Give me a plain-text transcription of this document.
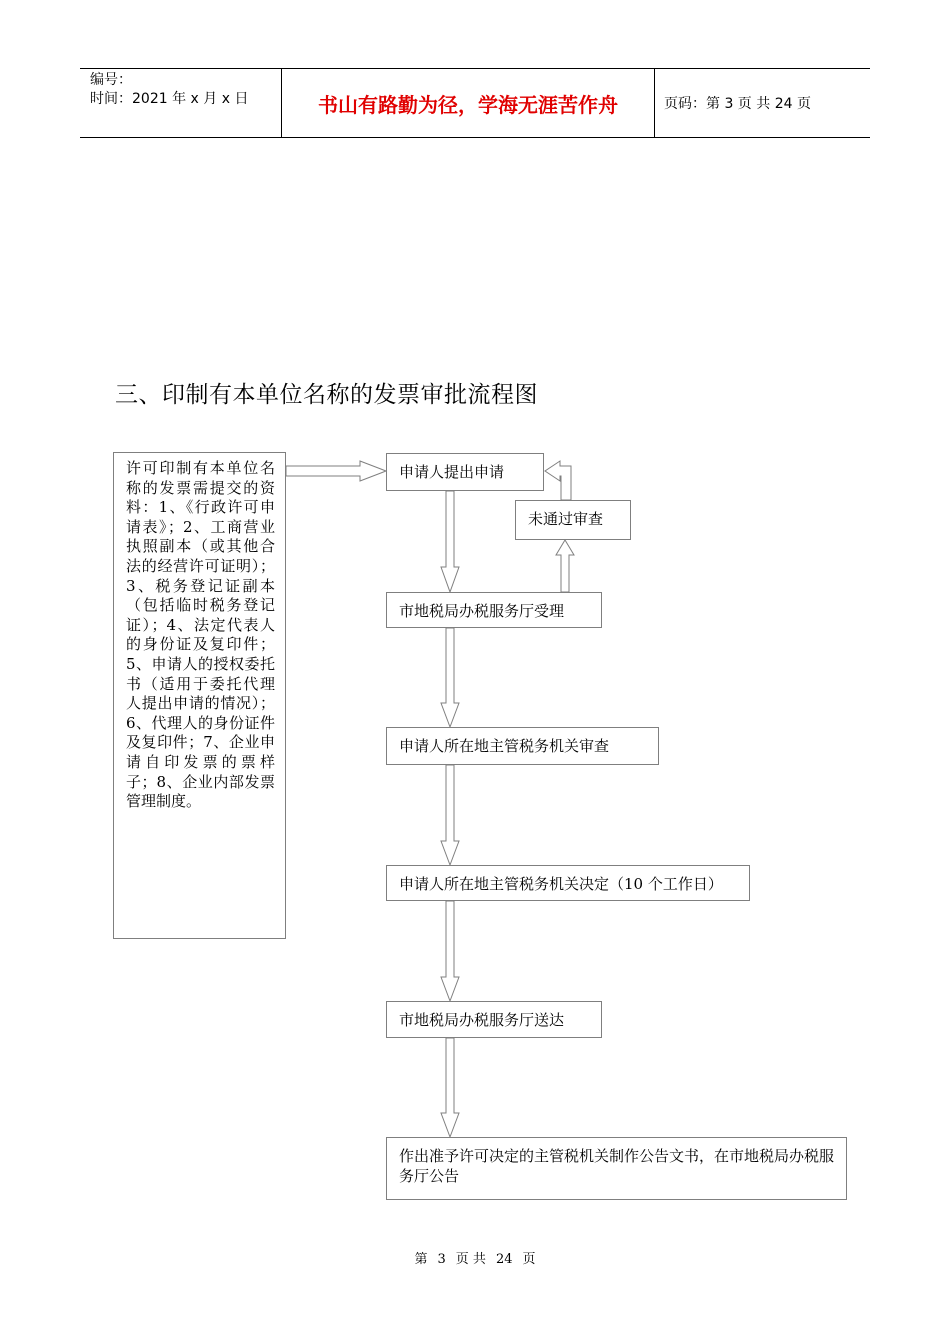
编号：
时间：2021 年 x 月 x 日	书山有路勤为径，学海无涯苦作舟	页码：第 3 页 共 24 页
三、印制有本单位名称的发票审批流程图
许可印制有本单位名称的发票需提交的资料：1、《行政许可申请表》；2、工商营业执照副本（或其他合法的经营许可证明）；3、税务登记证副本（包括临时税务登记证）；4、法定代表人的身份证及复印件；5、申请人的授权委托书（适用于委托代理人提出申请的情况）；6、代理人的身份证件及复印件；7、企业申请自印发票的票样子；8、企业内部发票管理制度。
申请人提出申请
未通过审查
市地税局办税服务厅受理
申请人所在地主管税务机关审查
申请人所在地主管税务机关决定（10 个工作日）
市地税局办税服务厅送达
作出准予许可决定的主管税机关制作公告文书，在市地税局办税服务厅公告
第 3 页 共 24 页
